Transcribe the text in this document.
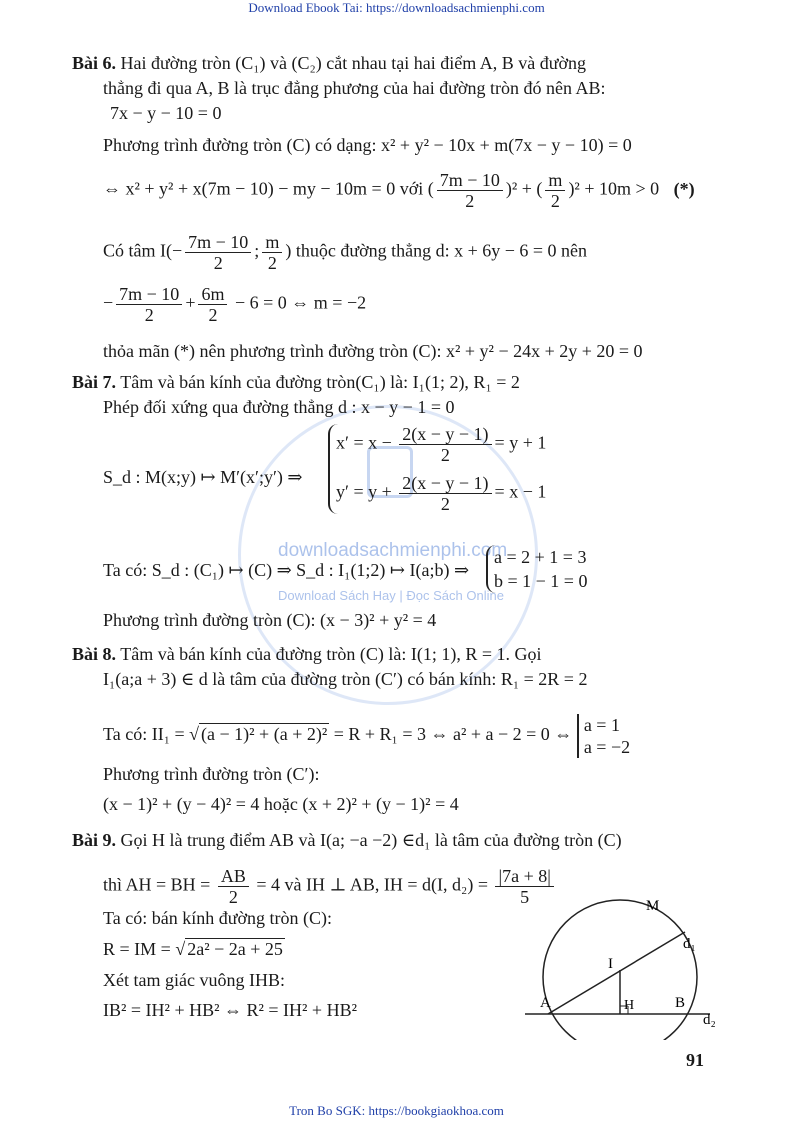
Download Ebook Tai: https://downloadsachmienphi.com
downloadsachmienphi.com
Download Sách Hay | Đọc Sách Online
Bài 6. Hai đường tròn (C₁) và (C₂) cắt nhau tại hai điểm A, B và đường
thẳng đi qua A, B là trục đẳng phương của hai đường tròn đó nên AB:
7x − y − 10 = 0
Phương trình đường tròn (C) có dạng: x² + y² − 10x + m(7x − y − 10) = 0
⇔ x² + y² + x(7m − 10) − my − 10m = 0 với ( $\frac{7m - 10}{2} )^2$ + ( $\frac{m}{2} )^2 + 10m > 0$ (*)
Có tâm $I(- \frac{7m - 10}{2}$ ; $\frac{m}{2}$ ) thuộc đường thẳng d: x + 6y − 6 = 0 nên
− $\frac{7m - 10}{2} + \frac{6m}{2} - 6 = 0$ ⇔ m = −2
thỏa mãn (*) nên phương trình đường tròn (C): x² + y² − 24x + 2y + 20 = 0
Bài 7. Tâm và bán kính của đường tròn(C₁) là: I₁(1; 2), R₁ = 2
Phép đối xứng qua đường thẳng d : x − y − 1 = 0
S_d : M(x;y) ↦ M′(x′;y′) ⇒
$x' = x - \frac{2(x - y - 1)}{2} = y + 1$
$y' = y + \frac{2(x - y - 1)}{2} = x - 1$
Ta có: S_d : (C₁) ↦ (C) ⇒ S_d : I₁(1;2) ↦ I(a;b) ⇒
a = 2 + 1 = 3
b = 1 − 1 = 0
Phương trình đường tròn (C): (x − 3)² + y² = 4
Bài 8. Tâm và bán kính của đường tròn (C) là: I(1; 1), R = 1. Gọi
I₁(a;a + 3) ∈ d là tâm của đường tròn (C′) có bán kính: R₁ = 2R = 2
Ta có: II₁ = √ (a − 1)² + (a + 2)² = R + R₁ = 3 ⇔ a² + a − 2 = 0 ⇔ a = 1
a = −2
Phương trình đường tròn (C′):
(x − 1)² + (y − 4)² = 4 hoặc (x + 2)² + (y − 1)² = 4
Bài 9. Gọi H là trung điểm AB và I(a; −a −2) ∈d₁ là tâm của đường tròn (C)
thì AH = BH = $\frac{AB}{2} = 4$ và IH ⊥ AB, IH = d(I, $d_2) = \frac{|7a + 8|}{5}$
Ta có: bán kính đường tròn (C):
R = IM = √ 2a² − 2a + 25
Xét tam giác vuông IHB:
IB² = IH² + HB² ⇔ R² = IH² + HB²
M
d₁
I
A	H	B
d₂
91
Tron Bo SGK: https://bookgiaokhoa.com
